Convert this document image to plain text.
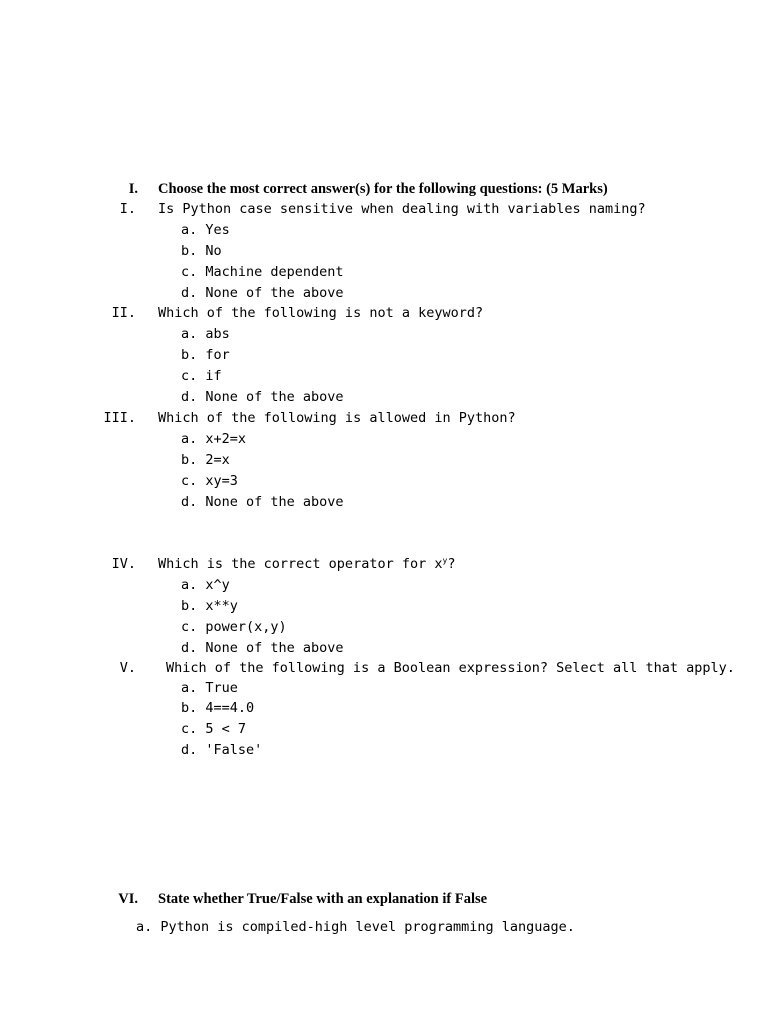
I. Choose the most correct answer(s) for the following questions: (5 Marks)
I. Is Python case sensitive when dealing with variables naming?
a. Yes
b. No
c. Machine dependent
d. None of the above
II. Which of the following is not a keyword?
a. abs
b. for
c. if
d. None of the above
III. Which of the following is allowed in Python?
a. x+2=x
b. 2=x
c. xy=3
d. None of the above
IV. Which is the correct operator for $x^y$?
a. x^y
b. x**y
c. power(x,y)
d. None of the above
V. Which of the following is a Boolean expression? Select all that apply.
a. True
b. 4==4.0
c. 5 < 7
d. 'False'
VI. State whether True/False with an explanation if False
a. Python is compiled-high level programming language.
